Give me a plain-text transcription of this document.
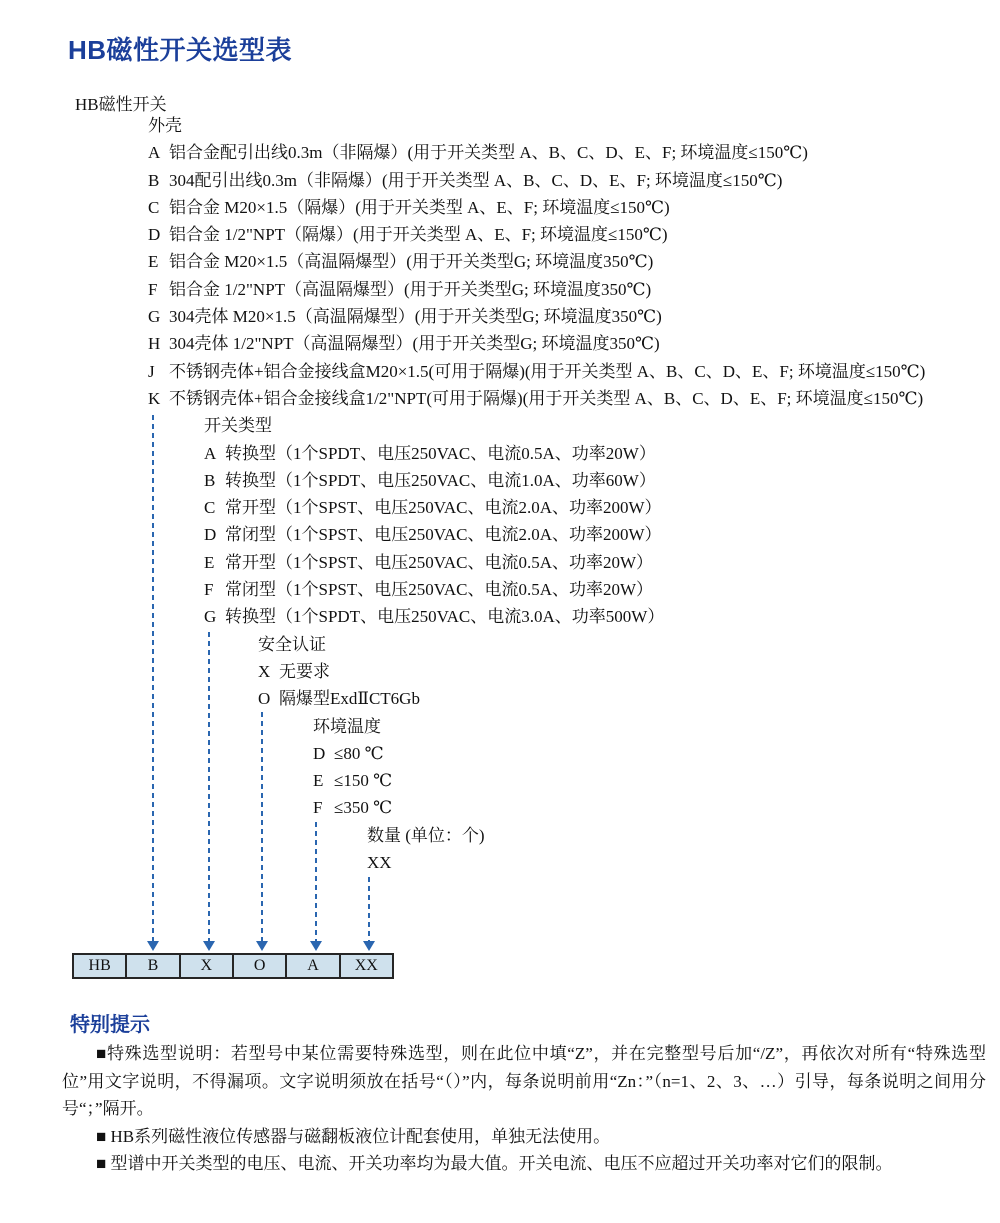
HB磁性开关选型表
HB磁性开关
外壳
A 铝合金配引出线0.3m（非隔爆）(用于开关类型 A、B、C、D、E、F; 环境温度≤150℃)
B 304配引出线0.3m（非隔爆）(用于开关类型 A、B、C、D、E、F; 环境温度≤150℃)
C 铝合金 M20×1.5（隔爆）(用于开关类型 A、E、F; 环境温度≤150℃)
D 铝合金 1/2"NPT（隔爆）(用于开关类型 A、E、F; 环境温度≤150℃)
E 铝合金 M20×1.5（高温隔爆型）(用于开关类型G; 环境温度350℃)
F 铝合金 1/2"NPT（高温隔爆型）(用于开关类型G; 环境温度350℃)
G 304壳体 M20×1.5（高温隔爆型）(用于开关类型G; 环境温度350℃)
H 304壳体 1/2"NPT（高温隔爆型）(用于开关类型G; 环境温度350℃)
J 不锈钢壳体+铝合金接线盒M20×1.5(可用于隔爆)(用于开关类型 A、B、C、D、E、F; 环境温度≤150℃)
K 不锈钢壳体+铝合金接线盒1/2"NPT(可用于隔爆)(用于开关类型 A、B、C、D、E、F; 环境温度≤150℃)
开关类型
A 转换型（1个SPDT、电压250VAC、电流0.5A、功率20W）
B 转换型（1个SPDT、电压250VAC、电流1.0A、功率60W）
C 常开型（1个SPST、电压250VAC、电流2.0A、功率200W）
D 常闭型（1个SPST、电压250VAC、电流2.0A、功率200W）
E 常开型（1个SPST、电压250VAC、电流0.5A、功率20W）
F 常闭型（1个SPST、电压250VAC、电流0.5A、功率20W）
G 转换型（1个SPDT、电压250VAC、电流3.0A、功率500W）
安全认证
X 无要求
O 隔爆型ExdⅡCT6Gb
环境温度
D ≤80 ℃
E ≤150 ℃
F ≤350 ℃
数量 (单位：个)
XX
HB	B	X	O	A	XX
特别提示

■特殊选型说明：若型号中某位需要特殊选型，则在此位中填“Z”，并在完整型号后加“/Z”，再依次对所有“特殊选型位”用文字说明，不得漏项。文字说明须放在括号“（）”内，每条说明前用“Zn：”（n=1、2、3、…）引导，每条说明之间用分号“；”隔开。

■ HB系列磁性液位传感器与磁翻板液位计配套使用，单独无法使用。

■ 型谱中开关类型的电压、电流、开关功率均为最大值。开关电流、电压不应超过开关功率对它们的限制。
